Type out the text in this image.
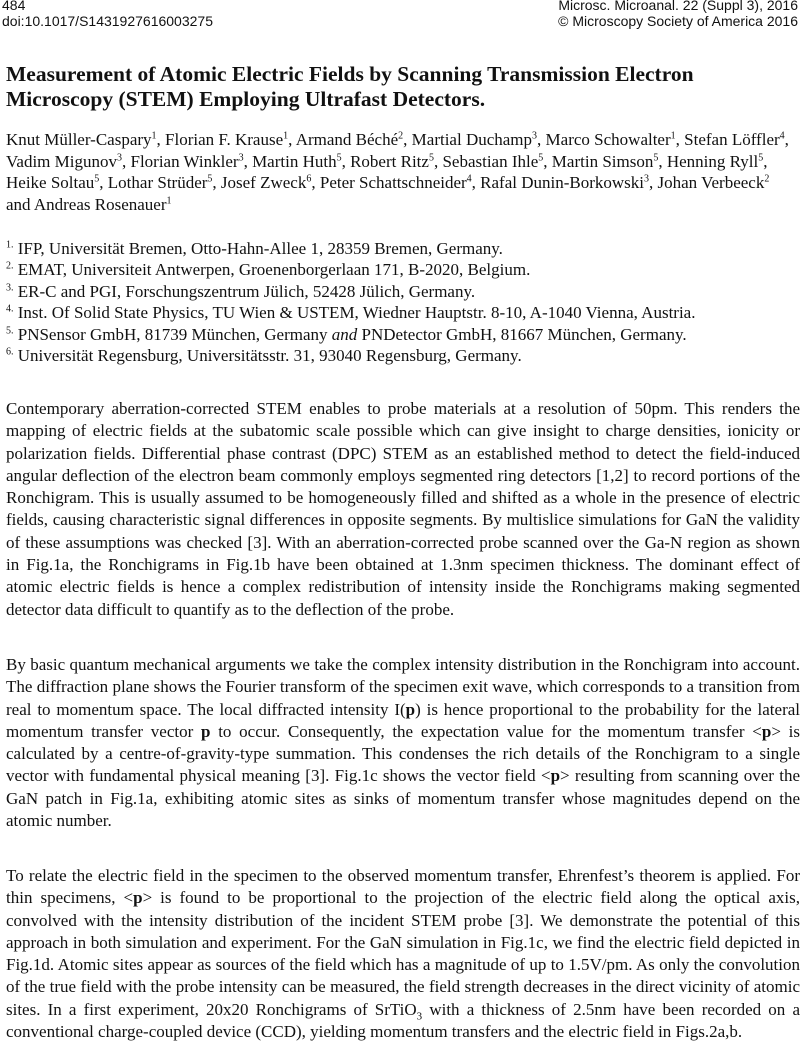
484	Microsc. Microanal. 22 (Suppl 3), 2016
doi:10.1017/S1431927616003275	© Microscopy Society of America 2016
Measurement of Atomic Electric Fields by Scanning Transmission Electron Microscopy (STEM) Employing Ultrafast Detectors.

Knut Müller-Caspary$^1$, Florian F. Krause$^1$, Armand Béché$^2$, Martial Duchamp$^3$, Marco Schowalter$^1$, Stefan Löffler$^4$, Vadim Migunov$^3$, Florian Winkler$^3$, Martin Huth$^5$, Robert Ritz$^5$, Sebastian Ihle$^5$, Martin Simson$^5$, Henning Ryll$^5$, Heike Soltau$^5$, Lothar Strüder$^5$, Josef Zweck$^6$, Peter Schattschneider$^4$, Rafal Dunin-Borkowski$^3$, Johan Verbeeck$^2$ and Andreas Rosenauer$^1$

$^{1.}$ IFP, Universität Bremen, Otto-Hahn-Allee 1, 28359 Bremen, Germany.
$^{2.}$ EMAT, Universiteit Antwerpen, Groenenborgerlaan 171, B-2020, Belgium.
$^{3.}$ ER-C and PGI, Forschungszentrum Jülich, 52428 Jülich, Germany.
$^{4.}$ Inst. Of Solid State Physics, TU Wien & USTEM, Wiedner Hauptstr. 8-10, A-1040 Vienna, Austria.
$^{5.}$ PNSensor GmbH, 81739 München, Germany and PNDetector GmbH, 81667 München, Germany.
$^{6.}$ Universität Regensburg, Universitätsstr. 31, 93040 Regensburg, Germany.

Contemporary aberration-corrected STEM enables to probe materials at a resolution of 50pm. This renders the mapping of electric fields at the subatomic scale possible which can give insight to charge densities, ionicity or polarization fields. Differential phase contrast (DPC) STEM as an established method to detect the field-induced angular deflection of the electron beam commonly employs segmented ring detectors [1,2] to record portions of the Ronchigram. This is usually assumed to be homogeneously filled and shifted as a whole in the presence of electric fields, causing characteristic signal differences in opposite segments. By multislice simulations for GaN the validity of these assumptions was checked [3]. With an aberration-corrected probe scanned over the Ga-N region as shown in Fig.1a, the Ronchigrams in Fig.1b have been obtained at 1.3nm specimen thickness. The dominant effect of atomic electric fields is hence a complex redistribution of intensity inside the Ronchigrams making segmented detector data difficult to quantify as to the deflection of the probe.

By basic quantum mechanical arguments we take the complex intensity distribution in the Ronchigram into account. The diffraction plane shows the Fourier transform of the specimen exit wave, which corresponds to a transition from real to momentum space. The local diffracted intensity I(p) is hence proportional to the probability for the lateral momentum transfer vector p to occur. Consequently, the expectation value for the momentum transfer <p> is calculated by a centre-of-gravity-type summation. This condenses the rich details of the Ronchigram to a single vector with fundamental physical meaning [3]. Fig.1c shows the vector field <p> resulting from scanning over the GaN patch in Fig.1a, exhibiting atomic sites as sinks of momentum transfer whose magnitudes depend on the atomic number.

To relate the electric field in the specimen to the observed momentum transfer, Ehrenfest’s theorem is applied. For thin specimens, <p> is found to be proportional to the projection of the electric field along the optical axis, convolved with the intensity distribution of the incident STEM probe [3]. We demonstrate the potential of this approach in both simulation and experiment. For the GaN simulation in Fig.1c, we find the electric field depicted in Fig.1d. Atomic sites appear as sources of the field which has a magnitude of up to 1.5V/pm. As only the convolution of the true field with the probe intensity can be measured, the field strength decreases in the direct vicinity of atomic sites. In a first experiment, 20x20 Ronchigrams of SrTiO$_3$ with a thickness of 2.5nm have been recorded on a conventional charge-coupled device (CCD), yielding momentum transfers and the electric field in Figs.2a,b.
